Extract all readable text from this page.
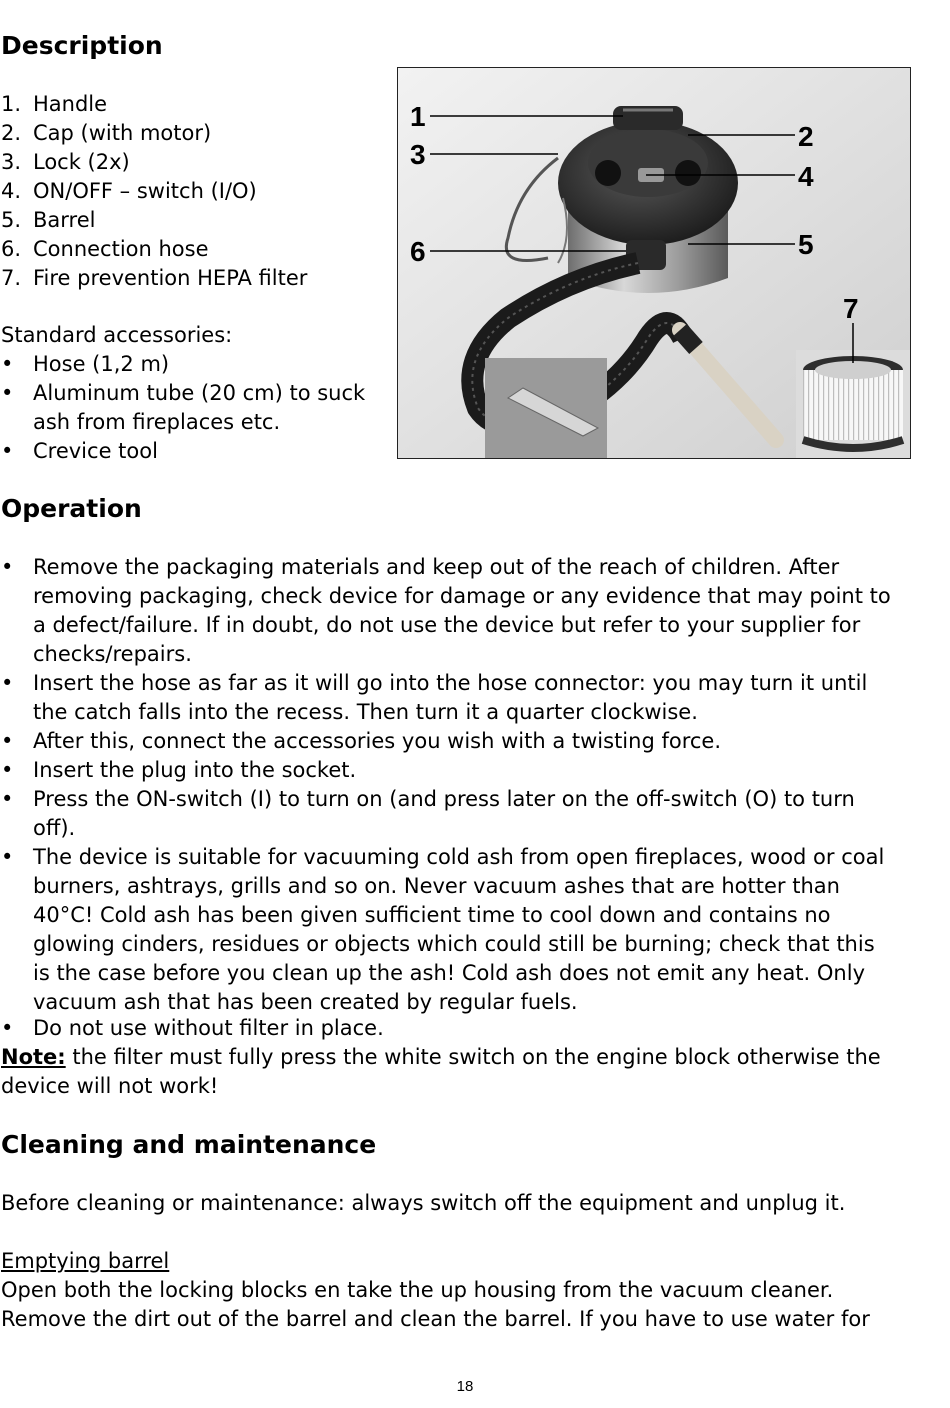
Description
1. Handle
2. Cap (with motor)
3. Lock (2x)
4. ON/OFF – switch (I/O)
5. Barrel
6. Connection hose
7. Fire prevention HEPA filter
Standard accessories:
Hose (1,2 m)
Aluminum tube (20 cm) to suck
ash from fireplaces etc.
Crevice tool
1
2
3
4
5
6
7
Operation
Remove the packaging materials and keep out of the reach of children. After
removing packaging, check device for damage or any evidence that may point to
a defect/failure. If in doubt, do not use the device but refer to your supplier for
checks/repairs.
Insert the hose as far as it will go into the hose connector: you may turn it until
the catch falls into the recess. Then turn it a quarter clockwise.
After this, connect the accessories you wish with a twisting force.
Insert the plug into the socket.
Press the ON-switch (I) to turn on (and press later on the off-switch (O) to turn
off).
The device is suitable for vacuuming cold ash from open fireplaces, wood or coal
burners, ashtrays, grills and so on. Never vacuum ashes that are hotter than
40°C! Cold ash has been given sufficient time to cool down and contains no
glowing cinders, residues or objects which could still be burning; check that this
is the case before you clean up the ash! Cold ash does not emit any heat. Only
vacuum ash that has been created by regular fuels.
Do not use without filter in place.
Note: the filter must fully press the white switch on the engine block otherwise the
device will not work!
Cleaning and maintenance
Before cleaning or maintenance: always switch off the equipment and unplug it.
Emptying barrel
Open both the locking blocks en take the up housing from the vacuum cleaner.
Remove the dirt out of the barrel and clean the barrel. If you have to use water for
18
